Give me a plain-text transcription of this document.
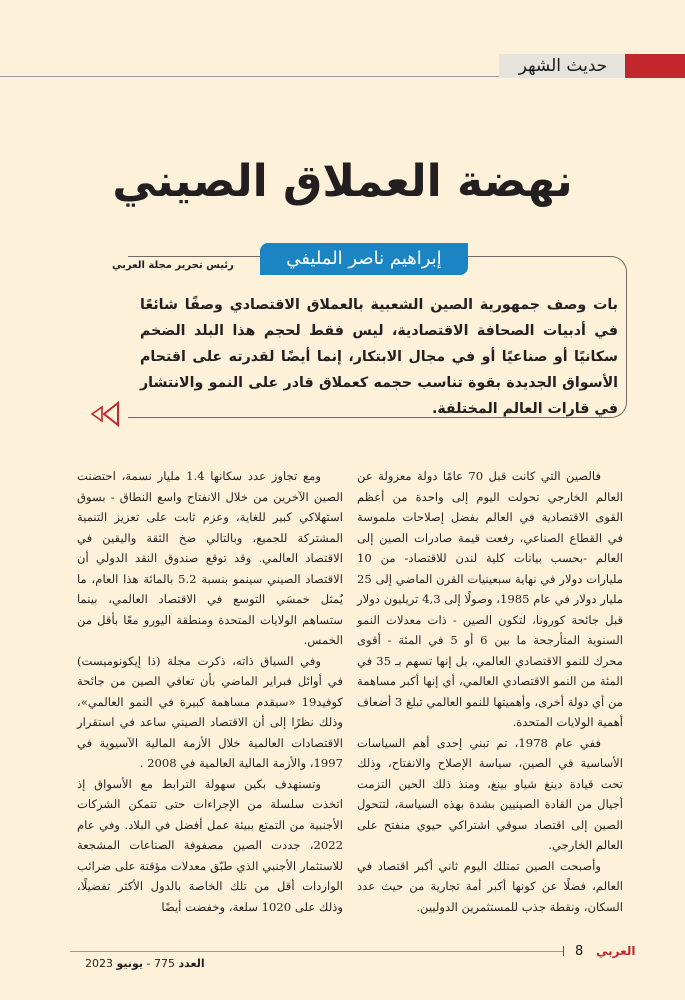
حديث الشهر
نهضة العملاق الصيني
إبراهيم ناصر المليفي
رئيس تحرير مجلة العربي
بات وصف جمهورية الصين الشعبية بالعملاق الاقتصادي وصفًا شائعًا في أدبيات الصحافة الاقتصادية، ليس فقط لحجم هذا البلد الضخم سكانيًا أو صناعيًا أو في مجال الابتكار، إنما أيضًا لقدرته على اقتحام الأسواق الجديدة بقوة تناسب حجمه كعملاق قادر على النمو والانتشار في قارات العالم المختلفة.

فالصين التي كانت قبل 70 عامًا دولة معزولة عن العالم الخارجي تحولت اليوم إلى واحدة من أعظم القوى الاقتصادية في العالم بفضل إصلاحات ملموسة في القطاع الصناعي، رفعت قيمة صادرات الصين إلى العالم -بحسب بيانات كلية لندن للاقتصاد- من 10 مليارات دولار في نهاية سبعينيات القرن الماضي إلى 25 مليار دولار في عام 1985، وصولًا إلى 4,3 تريليون دولار قبل جائحة كورونا، لتكون الصين - ذات معدلات النمو السنوية المتأرجحة ما بين 6 أو 5 في المئة - أقوى محرك للنمو الاقتصادي العالمي، بل إنها تسهم بـ 35 في المئة من النمو الاقتصادي العالمي، أي إنها أكبر مساهمة من أي دولة أخرى، وأهميتها للنمو العالمي تبلغ 3 أضعاف أهمية الولايات المتحدة.

ففي عام 1978، تم تبني إحدى أهم السياسات الأساسية في الصين، سياسة الإصلاح والانفتاح، وذلك تحت قيادة دينغ شياو بينغ، ومنذ ذلك الحين التزمت أجيال من القادة الصينيين بشدة بهذه السياسة، لتتحول الصين إلى اقتصاد سوقي اشتراكي حيوي منفتح على العالم الخارجي.

وأصبحت الصين تمتلك اليوم ثاني أكبر اقتصاد في العالم، فضلًا عن كونها أكبر أمة تجارية من حيث عدد السكان، ونقطة جذب للمستثمرين الدوليين.

ومع تجاوز عدد سكانها 1.4 مليار نسمة، احتضنت الصين الآخرين من خلال الانفتاح واسع النطاق - بسوق استهلاكي كبير للغاية، وعزم ثابت على تعزيز التنمية المشتركة للجميع، وبالتالي ضخ الثقة واليقين في الاقتصاد العالمي. وقد توقع صندوق النقد الدولي أن الاقتصاد الصيني سينمو بنسبة 5.2 بالمائة هذا العام، ما يُمثل خمسَي التوسع في الاقتصاد العالمي، بينما ستساهم الولايات المتحدة ومنطقة اليورو معًا بأقل من الخمس.

وفي السياق ذاته، ذكرت مجلة (ذا إيكونوميست) في أوائل فبراير الماضي بأن تعافي الصين من جائحة كوفيد19 «سيقدم مساهمة كبيرة في النمو العالمي»، وذلك نظرًا إلى أن الاقتصاد الصيني ساعد في استقرار الاقتصادات العالمية خلال الأزمة المالية الآسيوية في 1997، والأزمة المالية العالمية في 2008 .

وتستهدف بكين سهولة الترابط مع الأسواق إذ اتخذت سلسلة من الإجراءات حتى تتمكن الشركات الأجنبية من التمتع ببيئة عمل أفضل في البلاد. وفي عام 2022، جددت الصين مصفوفة الصناعات المشجعة للاستثمار الأجنبي الذي طبّق معدلات مؤقتة على ضرائب الواردات أقل من تلك الخاصة بالدول الأكثر تفضيلًا، وذلك على 1020 سلعة، وخفضت أيضًا

8 العربي
العدد 775 - يونيو 2023
